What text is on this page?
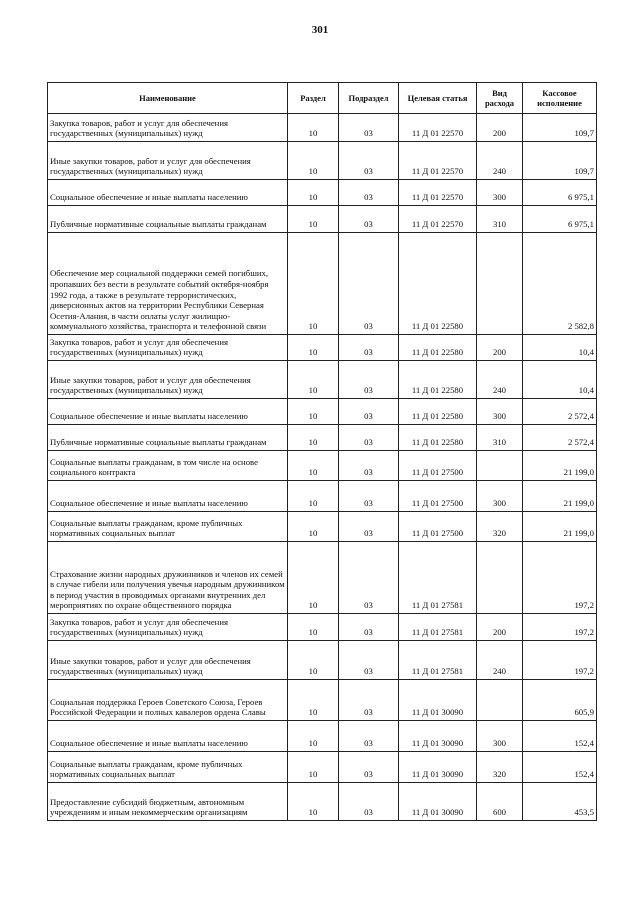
301
Наименование	Раздел	Подраздел	Целевая статья	Вид расхода	Кассовое исполнение
Закупка товаров, работ и услуг для обеспечения государственных (муниципальных) нужд	10	03	11 Д 01 22570	200	109,7
Иные закупки товаров, работ и услуг для обеспечения государственных (муниципальных) нужд	10	03	11 Д 01 22570	240	109,7
Социальное обеспечение и иные выплаты населению	10	03	11 Д 01 22570	300	6 975,1
Публичные нормативные социальные выплаты гражданам	10	03	11 Д 01 22570	310	6 975,1
Обеспечение мер социальной поддержки семей погибших, пропавших без вести в результате событий октября-ноября 1992 года, а также в результате террористических, диверсионных актов на территории Республики Северная Осетия-Алания, в части оплаты услуг жилищно-коммунального хозяйства, транспорта и телефонной связи	10	03	11 Д 01 22580		2 582,8
Закупка товаров, работ и услуг для обеспечения государственных (муниципальных) нужд	10	03	11 Д 01 22580	200	10,4
Иные закупки товаров, работ и услуг для обеспечения государственных (муниципальных) нужд	10	03	11 Д 01 22580	240	10,4
Социальное обеспечение и иные выплаты населению	10	03	11 Д 01 22580	300	2 572,4
Публичные нормативные социальные выплаты гражданам	10	03	11 Д 01 22580	310	2 572,4
Социальные выплаты гражданам, в том числе на основе социального контракта	10	03	11 Д 01 27500		21 199,0
Социальное обеспечение и иные выплаты населению	10	03	11 Д 01 27500	300	21 199,0
Социальные выплаты гражданам, кроме публичных нормативных социальных выплат	10	03	11 Д 01 27500	320	21 199,0
Страхование жизни народных дружинников и членов их семей в случае гибели или получения увечья народным дружинником в период участия в проводимых органами внутренних дел мероприятиях по охране общественного порядка	10	03	11 Д 01 27581		197,2
Закупка товаров, работ и услуг для обеспечения государственных (муниципальных) нужд	10	03	11 Д 01 27581	200	197,2
Иные закупки товаров, работ и услуг для обеспечения государственных (муниципальных) нужд	10	03	11 Д 01 27581	240	197,2
Социальная поддержка Героев Советского Союза, Героев Российской Федерации и полных кавалеров ордена Славы	10	03	11 Д 01 30090		605,9
Социальное обеспечение и иные выплаты населению	10	03	11 Д 01 30090	300	152,4
Социальные выплаты гражданам, кроме публичных нормативных социальных выплат	10	03	11 Д 01 30090	320	152,4
Предоставление субсидий бюджетным, автономным учреждениям и иным некоммерческим организациям	10	03	11 Д 01 30090	600	453,5
